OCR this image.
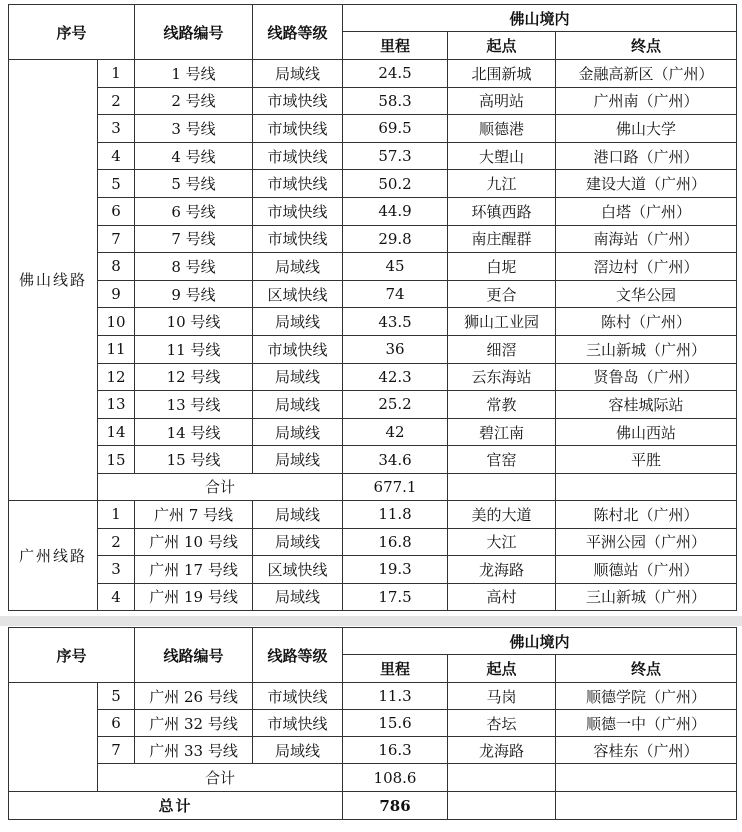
序号		线路编号	线路等级	佛山境内		
				里程	起点	终点
佛山线路	1	1 号线	局域线	24.5	北围新城	金融高新区（广州）
	2	2 号线	市域快线	58.3	高明站	广州南（广州）
	3	3 号线	市域快线	69.5	顺德港	佛山大学
	4	4 号线	市域快线	57.3	大塱山	港口路（广州）
	5	5 号线	市域快线	50.2	九江	建设大道（广州）
	6	6 号线	市域快线	44.9	环镇西路	白塔（广州）
	7	7 号线	市域快线	29.8	南庄醒群	南海站（广州）
	8	8 号线	局域线	45	白坭	滘边村（广州）
	9	9 号线	区域快线	74	更合	文华公园
	10	10 号线	局域线	43.5	狮山工业园	陈村（广州）
	11	11 号线	市域快线	36	细滘	三山新城（广州）
	12	12 号线	局域线	42.3	云东海站	贤鲁岛（广州）
	13	13 号线	局域线	25.2	常教	容桂城际站
	14	14 号线	局域线	42	碧江南	佛山西站
	15	15 号线	局域线	34.6	官窑	平胜
	合计			677.1		
广州线路	1	广州 7 号线	局域线	11.8	美的大道	陈村北（广州）
	2	广州 10 号线	局域线	16.8	大江	平洲公园（广州）
	3	广州 17 号线	区域快线	19.3	龙海路	顺德站（广州）
	4	广州 19 号线	局域线	17.5	高村	三山新城（广州）
序号		线路编号	线路等级	佛山境内		
				里程	起点	终点
	5	广州 26 号线	市域快线	11.3	马岗	顺德学院（广州）
	6	广州 32 号线	市域快线	15.6	杏坛	顺德一中（广州）
	7	广州 33 号线	局域线	16.3	龙海路	容桂东（广州）
	合计			108.6		
总计				786		
